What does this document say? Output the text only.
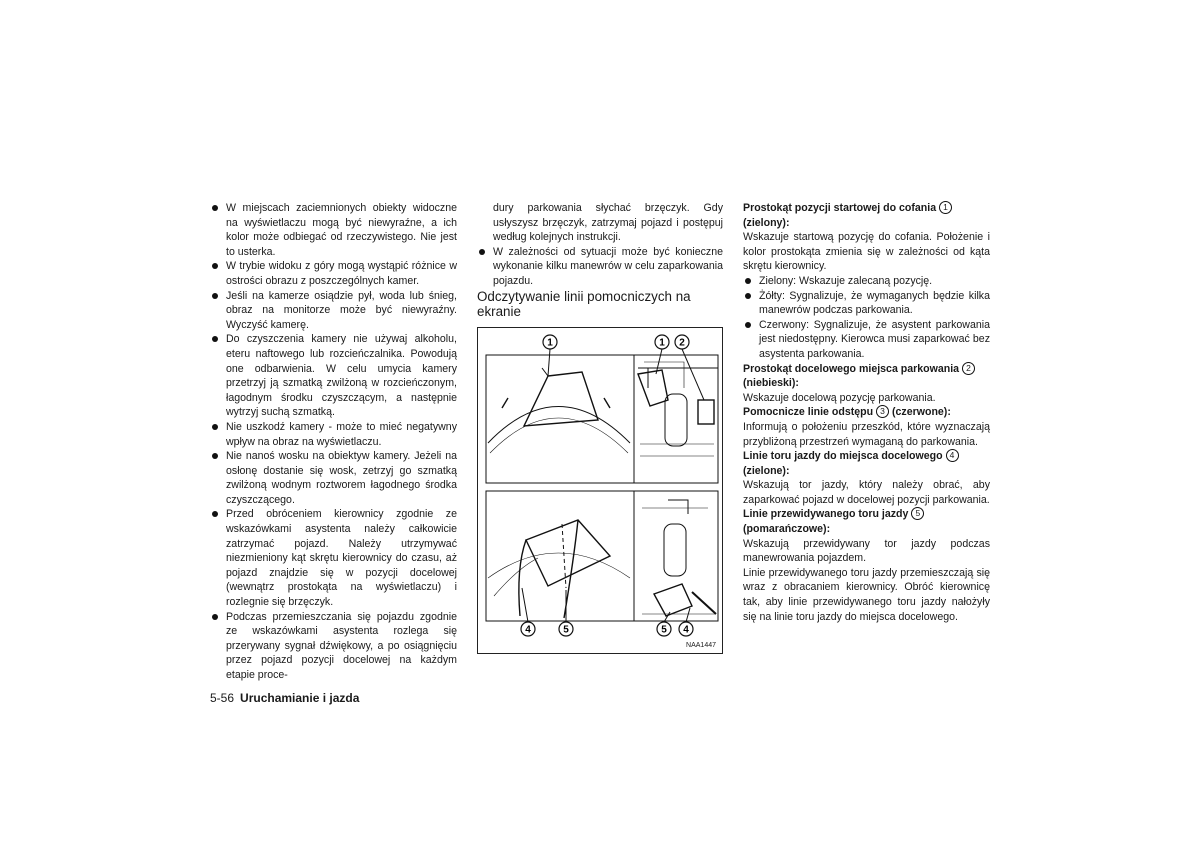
W miejscach zaciemnionych obiekty widoczne na wyświetlaczu mogą być niewyraźne, a ich kolor może odbiegać od rzeczywistego. Nie jest to usterka.

W trybie widoku z góry mogą wystąpić różnice w ostrości obrazu z poszczególnych kamer.

Jeśli na kamerze osiądzie pył, woda lub śnieg, obraz na monitorze może być niewyraźny. Wyczyść kamerę.

Do czyszczenia kamery nie używaj alkoholu, eteru naftowego lub rozcieńczalnika. Powodują one odbarwienia. W celu umycia kamery przetrzyj ją szmatką zwilżoną w rozcieńczonym, łagodnym środku czyszczącym, a następnie wytrzyj suchą szmatką.

Nie uszkodź kamery - może to mieć negatywny wpływ na obraz na wyświetlaczu.

Nie nanoś wosku na obiektyw kamery. Jeżeli na osłonę dostanie się wosk, zetrzyj go szmatką zwilżoną wodnym roztworem łagodnego środka czyszczącego.

Przed obróceniem kierownicy zgodnie ze wskazówkami asystenta należy całkowicie zatrzymać pojazd. Należy utrzymywać niezmieniony kąt skrętu kierownicy do czasu, aż pojazd znajdzie się w pozycji docelowej (wewnątrz prostokąta na wyświetlaczu) i rozlegnie się brzęczyk.

Podczas przemieszczania się pojazdu zgodnie ze wskazówkami asystenta rozlega się przerywany sygnał dźwiękowy, a po osiągnięciu przez pojazd pozycji docelowej na każdym etapie proce-

dury parkowania słychać brzęczyk. Gdy usłyszysz brzęczyk, zatrzymaj pojazd i postępuj według kolejnych instrukcji.

W zależności od sytuacji może być konieczne wykonanie kilku manewrów w celu zaparkowania pojazdu.

Odczytywanie linii pomocniczych na ekranie

1	1 2
4	5	5 4
NAA1447

Prostokąt pozycji startowej do cofania 1 (zielony):

Wskazuje startową pozycję do cofania. Położenie i kolor prostokąta zmienia się w zależności od kąta skrętu kierownicy.

Zielony: Wskazuje zalecaną pozycję.

Żółty: Sygnalizuje, że wymaganych będzie kilka manewrów podczas parkowania.

Czerwony: Sygnalizuje, że asystent parkowania jest niedostępny. Kierowca musi zaparkować bez asystenta parkowania.

Prostokąt docelowego miejsca parkowania 2 (niebieski):

Wskazuje docelową pozycję parkowania.

Pomocnicze linie odstępu 3 (czerwone):

Informują o położeniu przeszkód, które wyznaczają przybliżoną przestrzeń wymaganą do parkowania.

Linie toru jazdy do miejsca docelowego 4 (zielone):

Wskazują tor jazdy, który należy obrać, aby zaparkować pojazd w docelowej pozycji parkowania.

Linie przewidywanego toru jazdy 5 (pomarańczowe):

Wskazują przewidywany tor jazdy podczas manewrowania pojazdem.

Linie przewidywanego toru jazdy przemieszczają się wraz z obracaniem kierownicy. Obróć kierownicę tak, aby linie przewidywanego toru jazdy nałożyły się na linie toru jazdy do miejsca docelowego.

5-56 Uruchamianie i jazda
